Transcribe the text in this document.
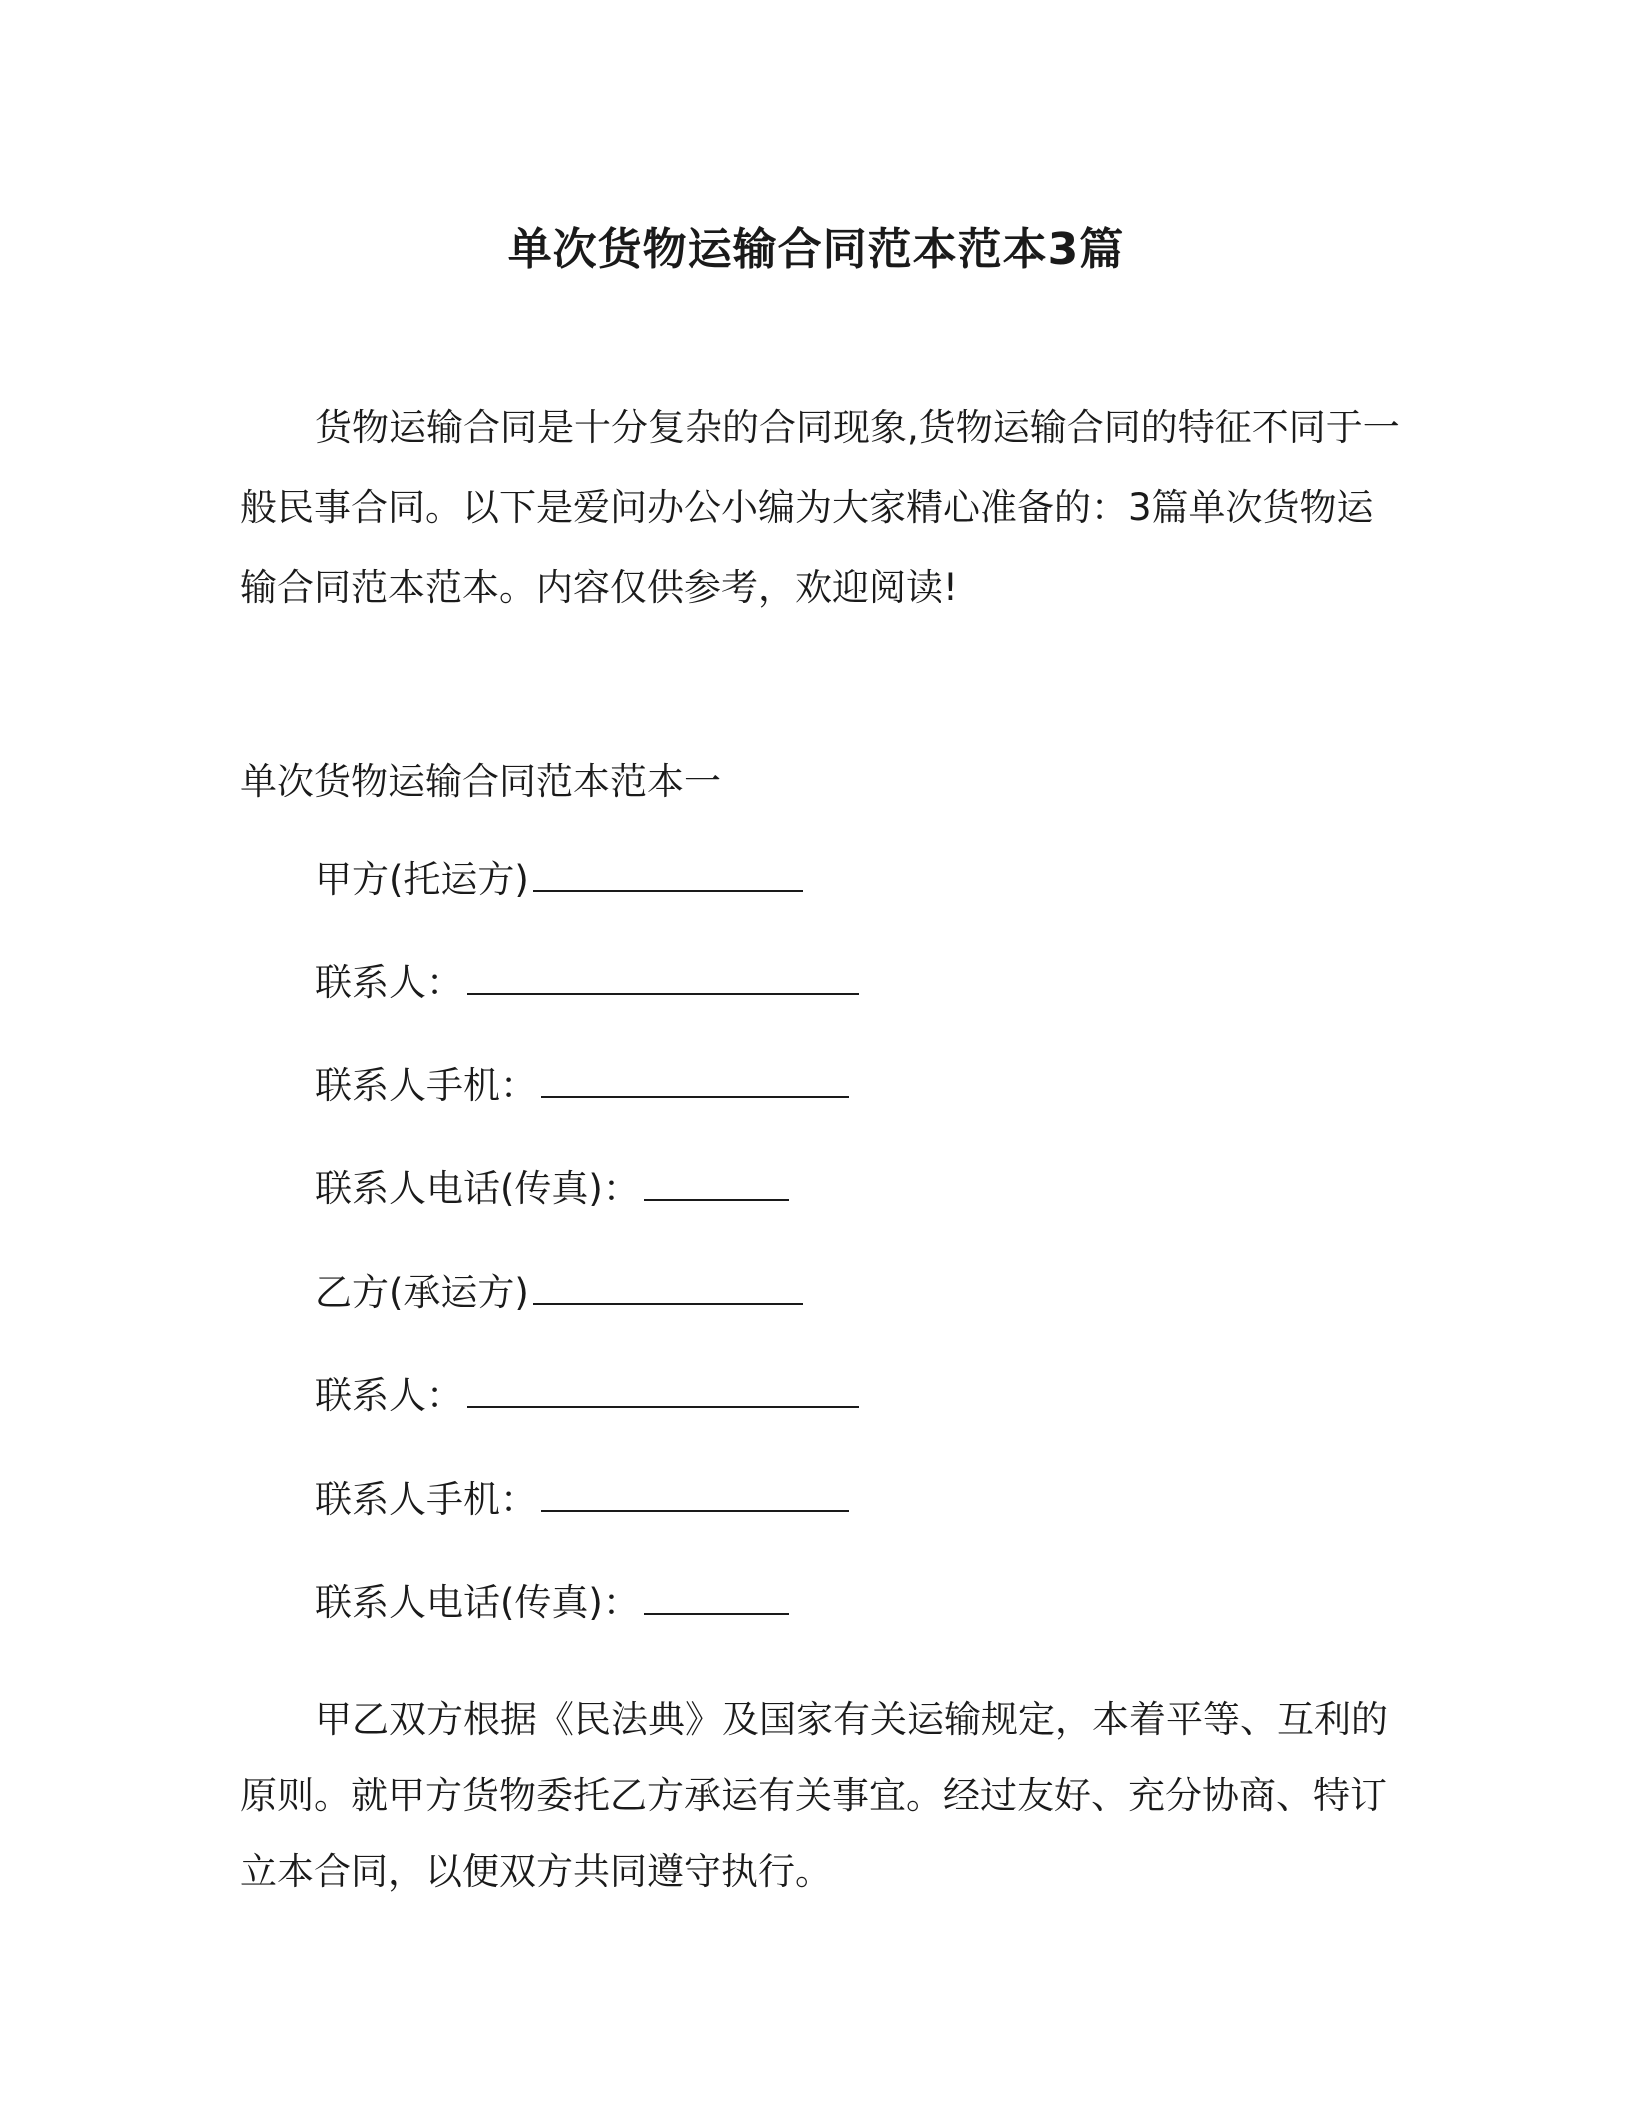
单次货物运输合同范本范本3篇

货物运输合同是十分复杂的合同现象,货物运输合同的特征不同于一般民事合同。以下是爱问办公小编为大家精心准备的：3篇单次货物运输合同范本范本。内容仅供参考，欢迎阅读!

单次货物运输合同范本范本一

甲方(托运方)

联系人：

联系人手机：

联系人电话(传真)：

乙方(承运方)

联系人：

联系人手机：

联系人电话(传真)：

甲乙双方根据《民法典》及国家有关运输规定，本着平等、互利的原则。就甲方货物委托乙方承运有关事宜。经过友好、充分协商、特订立本合同，以便双方共同遵守执行。
